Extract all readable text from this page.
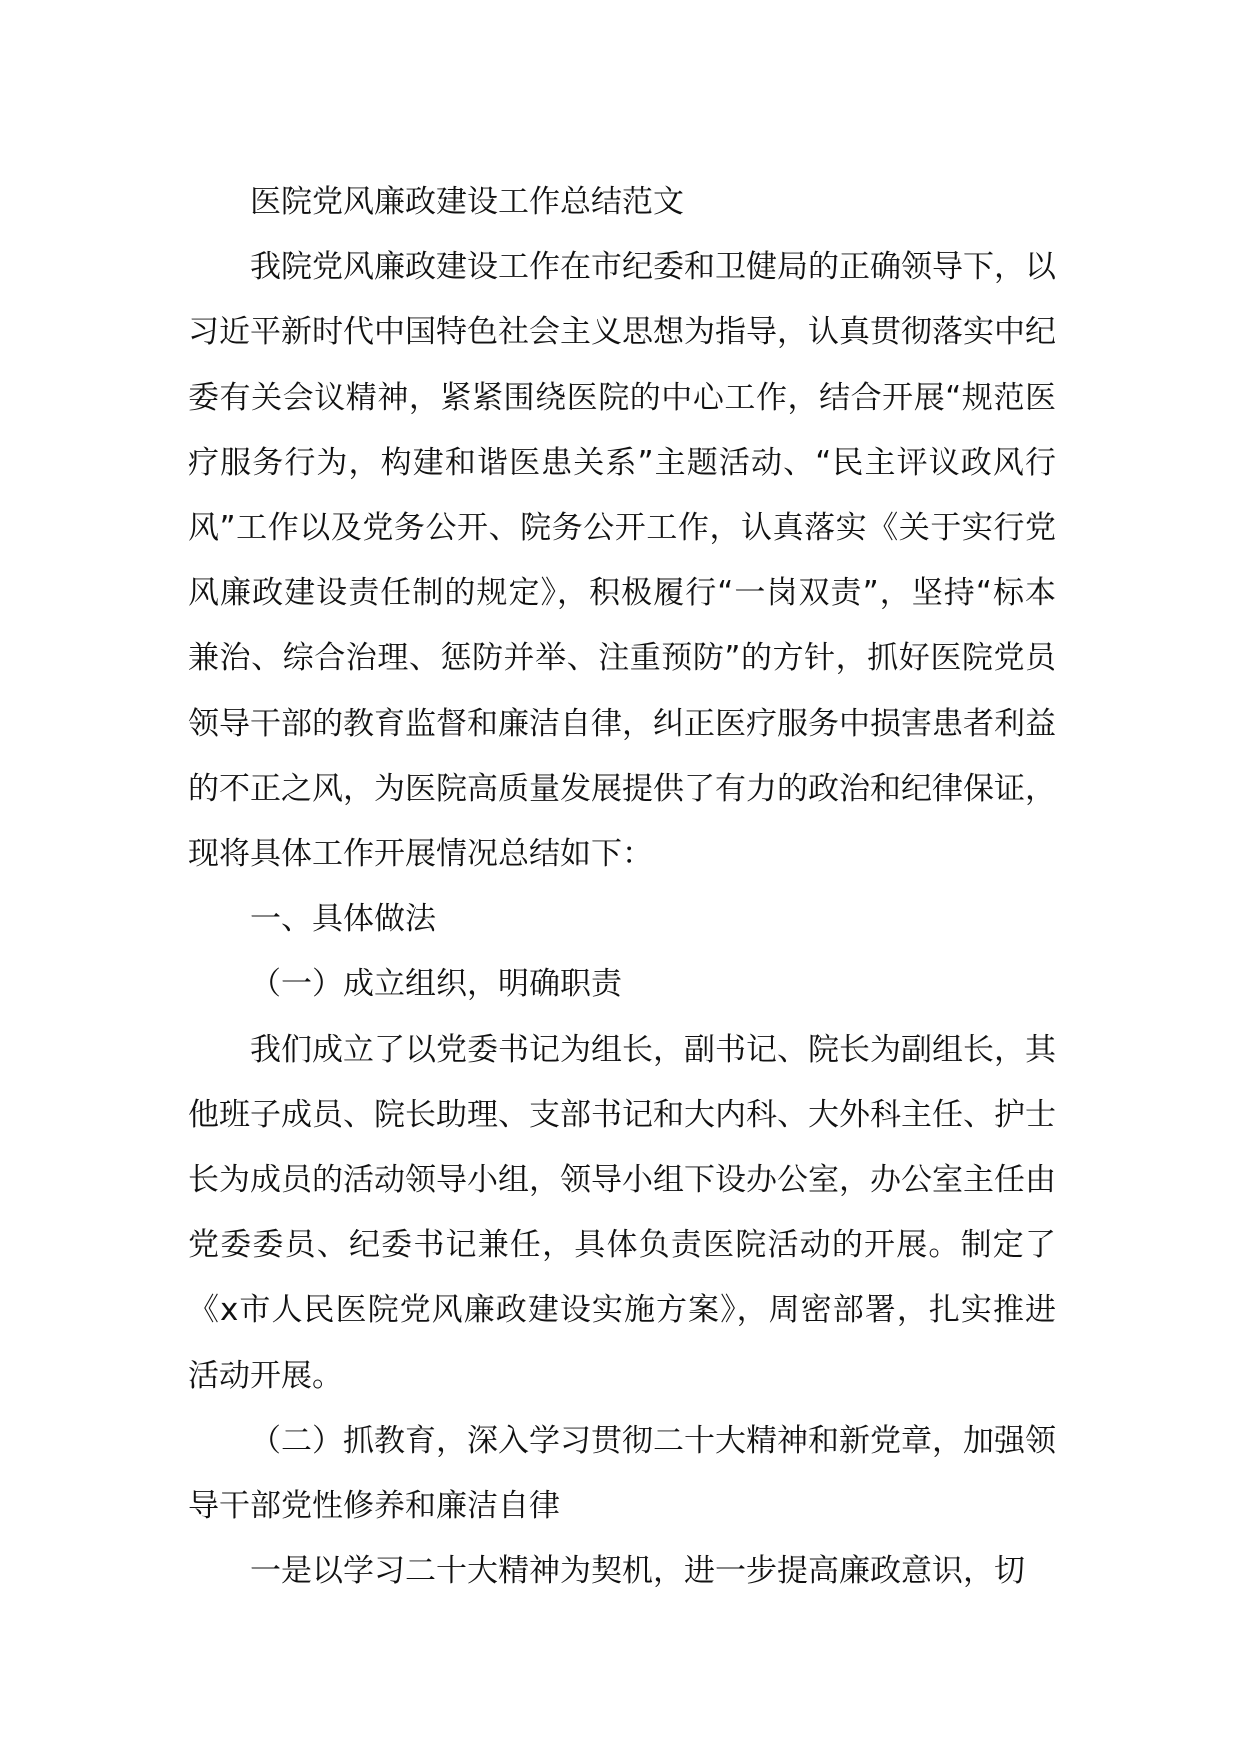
医院党风廉政建设工作总结范文

我院党风廉政建设工作在市纪委和卫健局的正确领导下，以习近平新时代中国特色社会主义思想为指导，认真贯彻落实中纪委有关会议精神，紧紧围绕医院的中心工作，结合开展“规范医疗服务行为，构建和谐医患关系”主题活动、“民主评议政风行风”工作以及党务公开、院务公开工作，认真落实《关于实行党风廉政建设责任制的规定》，积极履行“一岗双责”，坚持“标本兼治、综合治理、惩防并举、注重预防”的方针，抓好医院党员领导干部的教育监督和廉洁自律，纠正医疗服务中损害患者利益的不正之风，为医院高质量发展提供了有力的政治和纪律保证，现将具体工作开展情况总结如下：

一、具体做法

（一）成立组织，明确职责

我们成立了以党委书记为组长，副书记、院长为副组长，其他班子成员、院长助理、支部书记和大内科、大外科主任、护士长为成员的活动领导小组，领导小组下设办公室，办公室主任由党委委员、纪委书记兼任，具体负责医院活动的开展。制定了《x市人民医院党风廉政建设实施方案》，周密部署，扎实推进活动开展。

（二）抓教育，深入学习贯彻二十大精神和新党章，加强领导干部党性修养和廉洁自律

一是以学习二十大精神为契机，进一步提高廉政意识，切
